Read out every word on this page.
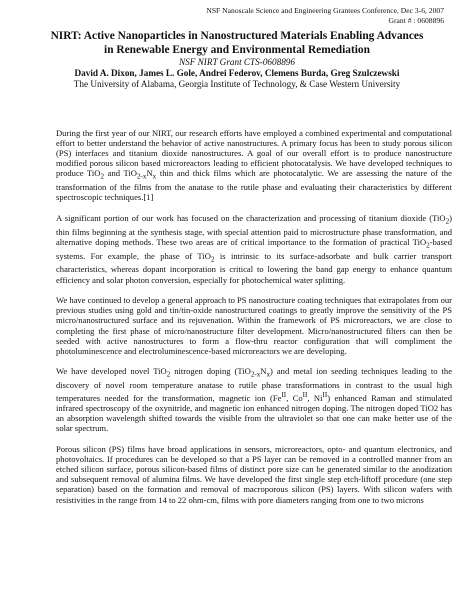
NSF Nanoscale Science and Engineering Grantees Conference, Dec 3-6, 2007
Grant # : 0608896

NIRT: Active Nanoparticles in Nanostructured Materials Enabling Advances
in Renewable Energy and Environmental Remediation

NSF NIRT Grant CTS-0608896

David A. Dixon, James L. Gole, Andrei Federov, Clemens Burda, Greg Szulczewski

The University of Alabama, Georgia Institute of Technology, & Case Western University

During the first year of our NIRT, our research efforts have employed a combined experimental and computational effort to better understand the behavior of active nanostructures. A primary focus has been to study porous silicon (PS) interfaces and titanium dioxide nanostructures. A goal of our overall effort is to produce nanostructure modified porous silicon based microreactors leading to efficient photocatalysis. We have developed techniques to produce TiO$_2$ and $TiO_{2-x}N_x$ thin and thick films which are photocatalytic. We are assessing the nature of the transformation of the films from the anatase to the rutile phase and evaluating their characteristics by different spectroscopic techniques.[1]

A significant portion of our work has focused on the characterization and processing of titanium dioxide (TiO$_2$) thin films beginning at the synthesis stage, with special attention paid to microstructure phase transformation, and alternative doping methods. These two areas are of critical importance to the formation of practical TiO$_2$-based systems. For example, the phase of TiO$_2$ is intrinsic to its surface-adsorbate and bulk carrier transport characteristics, whereas dopant incorporation is critical to lowering the band gap energy to enhance quantum efficiency and solar photon conversion, especially for photochemical water splitting.

We have continued to develop a general approach to PS nanostructure coating techniques that extrapolates from our previous studies using gold and tin/tin-oxide nanostructured coatings to greatly improve the sensitivity of the PS micro/nanostructured surface and its rejuvenation. Within the framework of PS microreactors, we are close to completing the first phase of micro/nanostructure filter development. Micro/nanostructured filters can then be seeded with active nanostructures to form a flow-thru reactor configuration that will compliment the photoluminescence and electroluminescence-based microreactors we are developing.

We have developed novel TiO$_2$ nitrogen doping $(TiO_{2-x}N_x)$ and metal ion seeding techniques leading to the discovery of novel room temperature anatase to rutile phase transformations in contrast to the usual high temperatures needed for the transformation, magnetic ion ($Fe^{II}$, $Co^{II}$, $Ni^{II}$) enhanced Raman and stimulated infrared spectroscopy of the oxynitride, and magnetic ion enhanced nitrogen doping. The nitrogen doped TiO2 has an absorption wavelength shifted towards the visible from the ultraviolet so that one can make better use of the solar spectrum.

Porous silicon (PS) films have broad applications in sensors, microreactors, opto- and quantum electronics, and photovoltaics. If procedures can be developed so that a PS layer can be removed in a controlled manner from an etched silicon surface, porous silicon-based films of distinct pore size can be generated similar to the anodization and subsequent removal of alumina films. We have developed the first single step etch-liftoff procedure (one step separation) based on the formation and removal of macroporous silicon (PS) layers. With silicon wafers with resistivities in the range from 14 to 22 ohm-cm, films with pore diameters ranging from one to two microns
